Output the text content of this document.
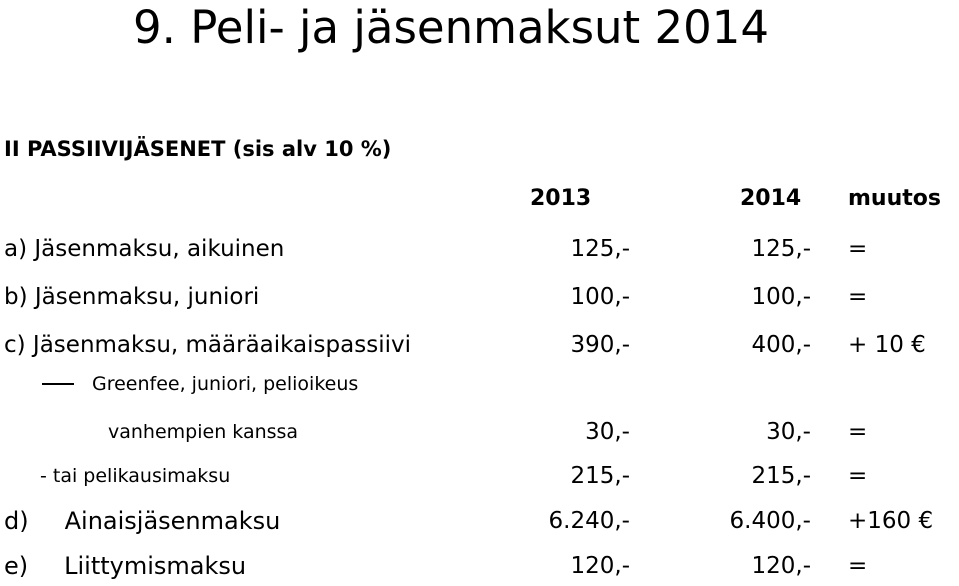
9. Peli- ja jäsenmaksut 2014
II PASSIIVIJÄSENET (sis alv 10 %)
2013	2014 muutos
a) Jäsenmaksu, aikuinen	125,-	125,- =
b) Jäsenmaksu, juniori	100,-	100,- =
c) Jäsenmaksu, määräaikaispassiivi	390,-	400,- + 10 €
Greenfee, juniori, pelioikeus
vanhempien kanssa	30,-	30,- =
- tai pelikausimaksu	215,-	215,- =
d) Ainaisjäsenmaksu	6.240,-	6.400,- +160 €
e) Liittymismaksu	120,-	120,- =
